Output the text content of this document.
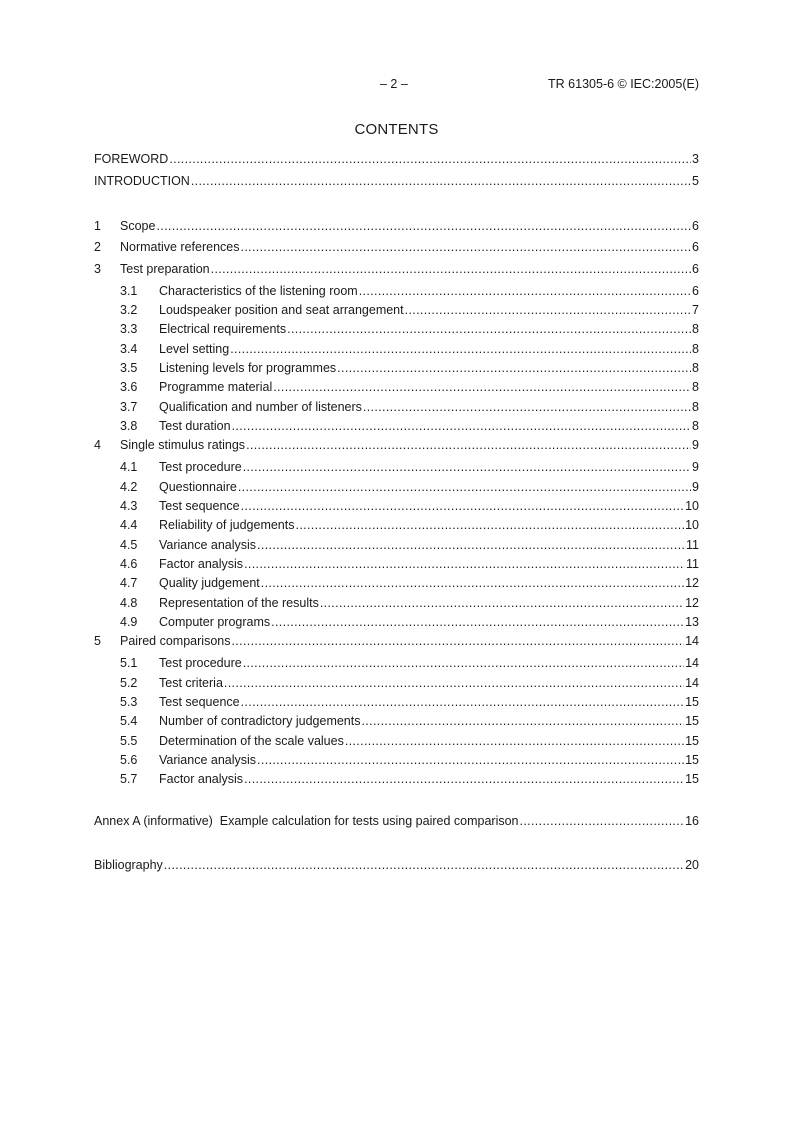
– 2 –	TR 61305-6 © IEC:2005(E)
CONTENTS
FOREWORD .....	3
INTRODUCTION .....	5
1	Scope .....	6
2	Normative references .....	6
3	Test preparation .....	6
3.1	Characteristics of the listening room .....	6
3.2	Loudspeaker position and seat arrangement .....	7
3.3	Electrical requirements .....	8
3.4	Level setting .....	8
3.5	Listening levels for programmes .....	8
3.6	Programme material .....	8
3.7	Qualification and number of listeners .....	8
3.8	Test duration .....	8
4	Single stimulus ratings .....	9
4.1	Test procedure .....	9
4.2	Questionnaire .....	9
4.3	Test sequence .....	10
4.4	Reliability of judgements .....	10
4.5	Variance analysis .....	11
4.6	Factor analysis .....	11
4.7	Quality judgement .....	12
4.8	Representation of the results .....	12
4.9	Computer programs .....	13
5	Paired comparisons .....	14
5.1	Test procedure .....	14
5.2	Test criteria .....	14
5.3	Test sequence .....	15
5.4	Number of contradictory judgements .....	15
5.5	Determination of the scale values .....	15
5.6	Variance analysis .....	15
5.7	Factor analysis .....	15
Annex A (informative)  Example calculation for tests using paired comparison .....	16
Bibliography .....	20
